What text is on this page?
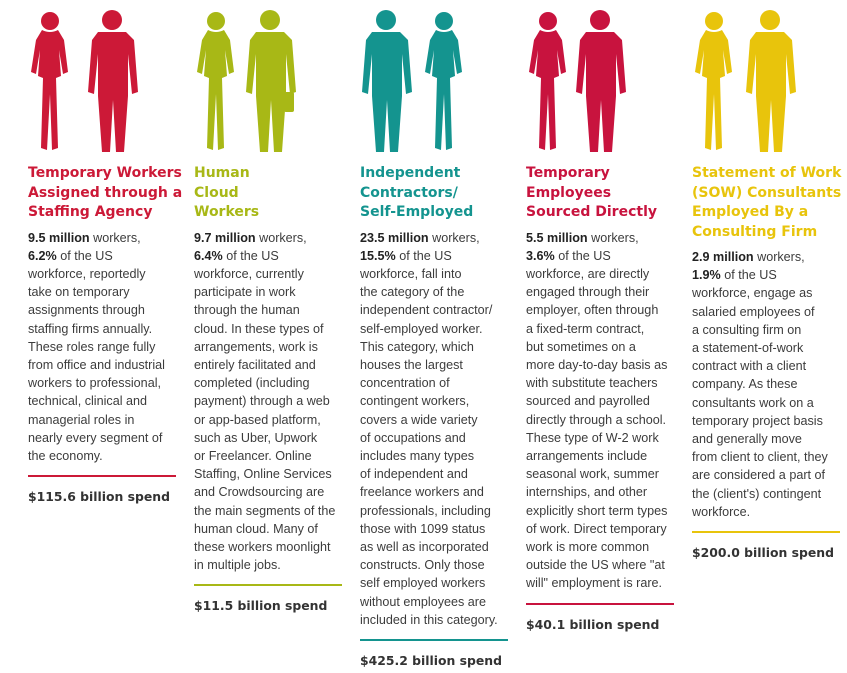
Temporary Workers
Assigned through a
Staffing Agency
9.5 million workers,
6.2% of the US
workforce, reportedly
take on temporary
assignments through
staffing firms annually.
These roles range fully
from office and industrial
workers to professional,
technical, clinical and
managerial roles in
nearly every segment of
the economy.
$115.6 billion spend
Human
Cloud
Workers
9.7 million workers,
6.4% of the US
workforce, currently
participate in work
through the human
cloud. In these types of
arrangements, work is
entirely facilitated and
completed (including
payment) through a web
or app-based platform,
such as Uber, Upwork
or Freelancer. Online
Staffing, Online Services
and Crowdsourcing are
the main segments of the
human cloud. Many of
these workers moonlight
in multiple jobs.
$11.5 billion spend
Independent
Contractors/
Self-Employed
23.5 million workers,
15.5% of the US
workforce, fall into
the category of the
independent contractor/
self-employed worker.
This category, which
houses the largest
concentration of
contingent workers,
covers a wide variety
of occupations and
includes many types
of independent and
freelance workers and
professionals, including
those with 1099 status
as well as incorporated
constructs. Only those
self employed workers
without employees are
included in this category.
$425.2 billion spend
Temporary
Employees
Sourced Directly
5.5 million workers,
3.6% of the US
workforce, are directly
engaged through their
employer, often through
a fixed-term contract,
but sometimes on a
more day-to-day basis as
with substitute teachers
sourced and payrolled
directly through a school.
These type of W-2 work
arrangements include
seasonal work, summer
internships, and other
explicitly short term types
of work. Direct temporary
work is more common
outside the US where "at
will" employment is rare.
$40.1 billion spend
Statement of Work
(SOW) Consultants
Employed By a
Consulting Firm
2.9 million workers,
1.9% of the US
workforce, engage as
salaried employees of
a consulting firm on
a statement-of-work
contract with a client
company. As these
consultants work on a
temporary project basis
and generally move
from client to client, they
are considered a part of
the (client's) contingent
workforce.
$200.0 billion spend
